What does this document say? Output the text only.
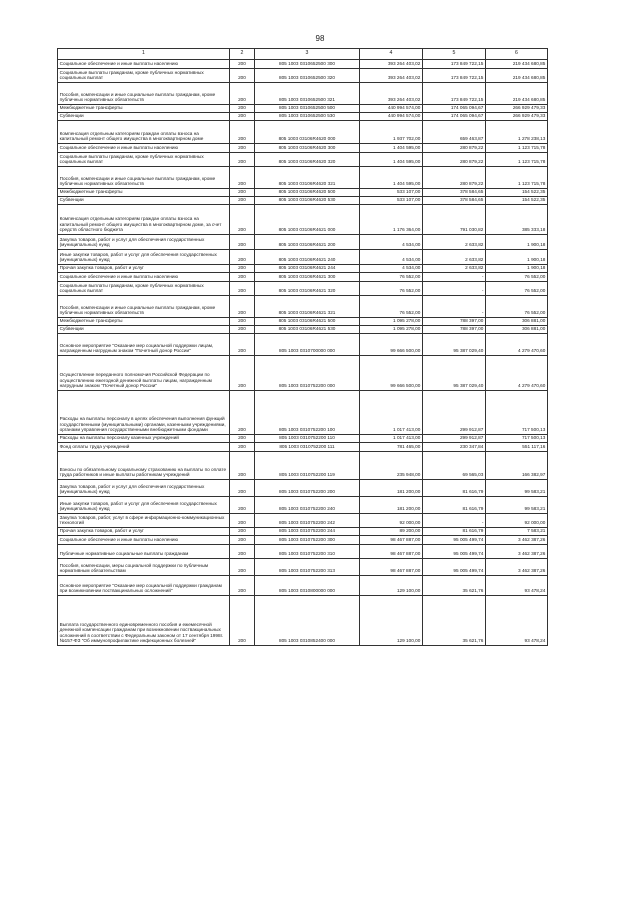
98
1	2	3	4	5	6
Социальное обеспечение и иные выплаты населению	200	805 1003 0310652500 300	393 264 403,02	173 849 722,15	219 434 680,85
Социальные выплаты гражданам, кроме публичных нормативных социальных выплат	200	805 1003 0310652500 320	393 264 403,02	173 849 722,15	219 434 680,85
Пособия, компенсации и иные социальные выплаты гражданам, кроме публичных нормативных обязательств	200	805 1003 0310652500 321	393 264 403,02	173 849 722,15	219 434 680,85
Межбюджетные трансферты	200	805 1003 0310652500 500	440 994 574,00	174 065 094,67	266 929 479,33
Субвенции	200	805 1003 0310652500 530	440 994 574,00	174 065 094,67	266 929 479,33
Компенсация отдельным категориям граждан оплаты взноса на капитальный ремонт общего имущества в многоквартирном доме	200	805 1003 03106R4620 000	1 937 702,00	659 463,87	1 278 238,13
Социальное обеспечение и иные выплаты населению	200	805 1003 03106R4620 300	1 404 595,00	280 879,22	1 123 715,78
Социальные выплаты гражданам, кроме публичных нормативных социальных выплат	200	805 1003 03106R4620 320	1 404 595,00	280 879,22	1 123 715,78
Пособия, компенсации и иные социальные выплаты гражданам, кроме публичных нормативных обязательств	200	805 1003 03106R4620 321	1 404 595,00	280 879,22	1 123 715,78
Межбюджетные трансферты	200	805 1003 03106R4620 500	533 107,00	378 584,65	154 522,35
Субвенции	200	805 1003 03106R4620 530	533 107,00	378 584,65	154 522,35
Компенсация отдельным категориям граждан оплаты взноса на капитальный ремонт общего имущества в многоквартирном доме, за счет средств областного бюджета	200	805 1003 03106R4621 000	1 176 364,00	791 030,82	385 333,18
Закупка товаров, работ и услуг для обеспечения государственных (муниципальных) нужд	200	805 1003 03106R4621 200	4 534,00	2 633,82	1 900,18
Иные закупки товаров, работ и услуг для обеспечения государственных (муниципальных) нужд	200	805 1003 03106R4621 240	4 534,00	2 633,82	1 900,18
Прочая закупка товаров, работ и услуг	200	805 1003 03106R4621 244	4 534,00	2 633,82	1 900,18
Социальное обеспечение и иные выплаты населению	200	805 1003 03106R4621 300	76 552,00	-	76 552,00
Социальные выплаты гражданам, кроме публичных нормативных социальных выплат	200	805 1003 03106R4621 320	76 552,00	-	76 552,00
Пособия, компенсации и иные социальные выплаты гражданам, кроме публичных нормативных обязательств	200	805 1003 03106R4621 321	76 552,00	-	76 552,00
Межбюджетные трансферты	200	805 1003 03106R4621 500	1 095 278,00	788 397,00	306 881,00
Субвенции	200	805 1003 03106R4621 530	1 095 278,00	788 397,00	306 881,00
Основное мероприятие "Оказание мер социальной поддержки лицам, награжденным нагрудным знаком "Почетный донор России"	200	805 1003 0310700000 000	99 666 500,00	95 387 029,40	4 279 470,60
Осуществление переданного полномочия Российской Федерации по осуществлению ежегодной денежной выплаты лицам, награжденным нагрудным знаком "Почетный донор России"	200	805 1003 0310752200 000	99 666 500,00	95 387 029,40	4 279 470,60
Расходы на выплаты персоналу в целях обеспечения выполнения функций государственными (муниципальными) органами, казенными учреждениями, органами управления государственными внебюджетными фондами	200	805 1003 0310752200 100	1 017 413,00	299 912,87	717 500,13
Расходы на выплаты персоналу казенных учреждений	200	805 1003 0310752200 110	1 017 413,00	299 912,87	717 500,13
Фонд оплаты труда учреждений	200	805 1003 0310752200 111	781 465,00	230 347,84	551 117,16
Взносы по обязательному социальному страхованию на выплаты по оплате труда работников и иные выплаты работникам учреждений	200	805 1003 0310752200 119	235 948,00	69 565,03	166 382,97
Закупка товаров, работ и услуг для обеспечения государственных (муниципальных) нужд	200	805 1003 0310752200 200	181 200,00	81 616,79	99 583,21
Иные закупки товаров, работ и услуг для обеспечения государственных (муниципальных) нужд	200	805 1003 0310752200 240	181 200,00	81 616,79	99 583,21
Закупка товаров, работ, услуг в сфере информационно-коммуникационных технологий	200	805 1003 0310752200 242	92 000,00	-	92 000,00
Прочая закупка товаров, работ и услуг	200	805 1003 0310752200 244	89 200,00	81 616,79	7 583,21
Социальное обеспечение и иные выплаты населению	200	805 1003 0310752200 300	98 467 887,00	95 005 499,74	3 462 387,26
Публичные нормативные социальные выплаты гражданам	200	805 1003 0310752200 310	98 467 887,00	95 005 499,74	3 462 387,26
Пособия, компенсации, меры социальной поддержки по публичным нормативным обязательствам	200	805 1003 0310752200 313	98 467 887,00	95 005 499,74	3 462 387,26
Основное мероприятие "Оказание мер социальной поддержки гражданам при возникновении поствакцинальных осложнений"	200	805 1003 0310800000 000	129 100,00	35 621,76	93 478,24
Выплата государственного единовременного пособия и ежемесячной денежной компенсации гражданам при возникновении поствакцинальных осложнений в соответствии с Федеральным законом от 17 сентября 1998г. №157-ФЗ "Об иммунопрофилактике инфекционных болезней"	200	805 1003 0310852400 000	129 100,00	35 621,76	93 478,24
